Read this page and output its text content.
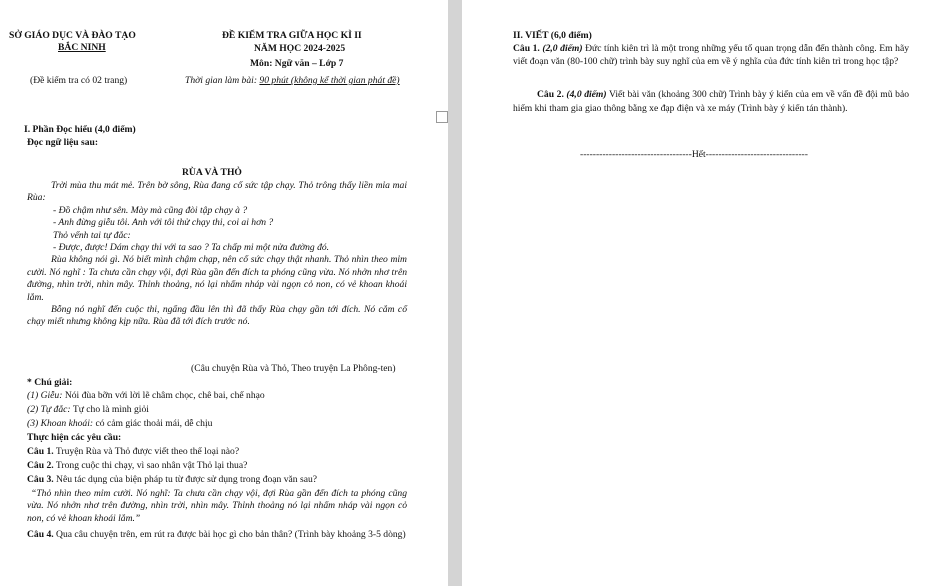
SỞ GIÁO DỤC VÀ ĐÀO TẠO
BẮC NINH
(Đề kiểm tra có 02 trang)
ĐỀ KIỂM TRA GIỮA HỌC KÌ II
NĂM HỌC 2024-2025
Môn: Ngữ văn – Lớp 7
Thời gian làm bài: 90 phút (không kể thời gian phát đề)
I. Phần Đọc hiểu (4,0 điểm)
Đọc ngữ liệu sau:
RÙA VÀ THỎ

Trời mùa thu mát mẻ. Trên bờ sông, Rùa đang cố sức tập chạy. Thỏ trông thấy liền mỉa mai Rùa:

- Đồ chậm như sên. Mày mà cũng đòi tập chạy à ?

- Anh đừng giễu tôi. Anh với tôi thử chạy thi, coi ai hơn ?

Thỏ vểnh tai tự đắc:

- Được, được! Dám chạy thi với ta sao ? Ta chấp mi một nửa đường đó.

Rùa không nói gì. Nó biết mình chậm chạp, nên cố sức chạy thật nhanh. Thỏ nhìn theo mỉm cười. Nó nghĩ : Ta chưa cần chạy vội, đợi Rùa gần đến đích ta phóng cũng vừa. Nó nhởn nhơ trên đường, nhìn trời, nhìn mây. Thỉnh thoảng, nó lại nhấm nháp vài ngọn cỏ non, có vẻ khoan khoái lắm.

Bỗng nó nghĩ đến cuộc thi, ngẩng đầu lên thì đã thấy Rùa chạy gần tới đích. Nó cắm cổ chạy miết nhưng không kịp nữa. Rùa đã tới đích trước nó.

(Câu chuyện Rùa và Thỏ, Theo truyện La Phông-ten)
* Chú giải:
(1) Giễu: Nói đùa bỡn với lời lẽ châm chọc, chê bai, chế nhạo
(2) Tự đắc: Tự cho là mình giỏi
(3) Khoan khoái: có cảm giác thoải mái, dễ chịu
Thực hiện các yêu cầu:
Câu 1. Truyện Rùa và Thỏ được viết theo thể loại nào?
Câu 2. Trong cuộc thi chạy, vì sao nhân vật Thỏ lại thua?
Câu 3. Nêu tác dụng của biện pháp tu từ được sử dụng trong đoạn văn sau?
“Thỏ nhìn theo mỉm cười. Nó nghĩ: Ta chưa cần chạy vội, đợi Rùa gần đến đích ta phóng cũng vừa. Nó nhởn nhơ trên đường, nhìn trời, nhìn mây. Thỉnh thoảng nó lại nhấm nháp vài ngọn cỏ non, có vẻ khoan khoái lắm.”
Câu 4. Qua câu chuyện trên, em rút ra được bài học gì cho bản thân? (Trình bày khoảng 3-5 dòng)
II. VIẾT (6,0 điểm)
Câu 1. (2,0 điểm) Đức tính kiên trì là một trong những yếu tố quan trọng dẫn đến thành công. Em hãy viết đoạn văn (80-100 chữ) trình bày suy nghĩ của em về ý nghĩa của đức tính kiên trì trong học tập?
Câu 2. (4,0 điểm) Viết bài văn (khoảng 300 chữ) Trình bày ý kiến của em về vấn đề đội mũ bảo hiểm khi tham gia giao thông bằng xe đạp điện và xe máy (Trình bày ý kiến tán thành).
-----------------------------------Hết--------------------------------
